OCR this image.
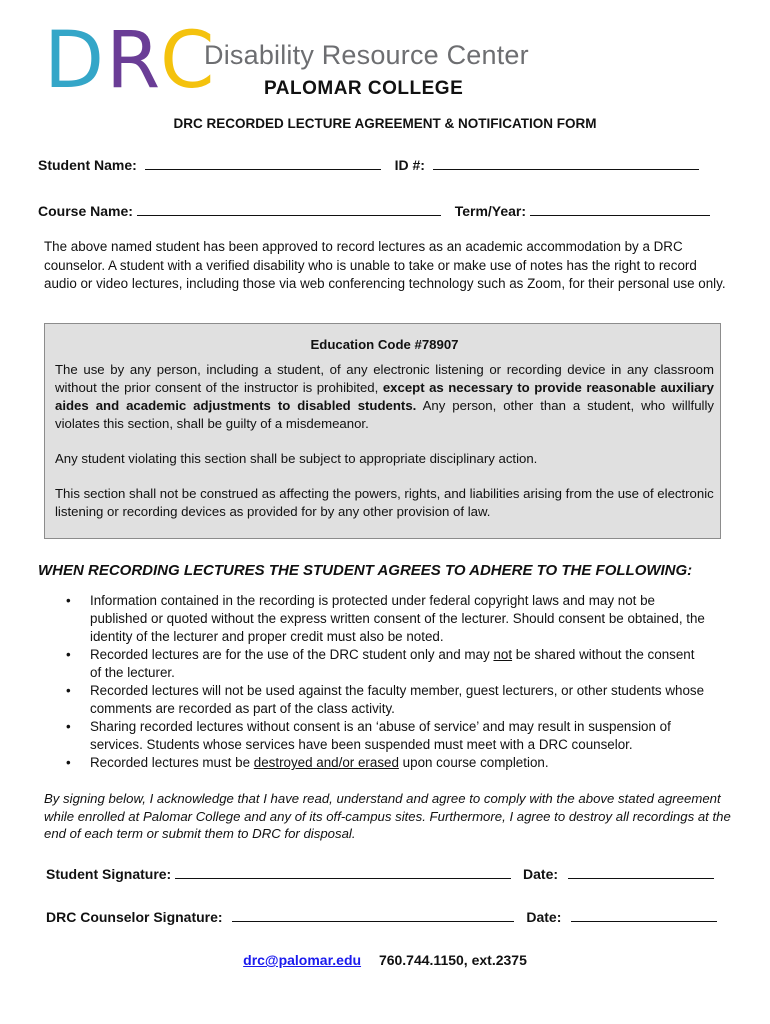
D R C
Disability Resource Center
PALOMAR COLLEGE
DRC RECORDED LECTURE AGREEMENT & NOTIFICATION FORM
Student Name:	ID #:
Course Name:	Term/Year:
The above named student has been approved to record lectures as an academic accommodation by a DRC counselor. A student with a verified disability who is unable to take or make use of notes has the right to record audio or video lectures, including those via web conferencing technology such as Zoom, for their personal use only.
Education Code #78907

The use by any person, including a student, of any electronic listening or recording device in any classroom without the prior consent of the instructor is prohibited, except as necessary to provide reasonable auxiliary aides and academic adjustments to disabled students. Any person, other than a student, who willfully violates this section, shall be guilty of a misdemeanor.

Any student violating this section shall be subject to appropriate disciplinary action.

This section shall not be construed as affecting the powers, rights, and liabilities arising from the use of electronic listening or recording devices as provided for by any other provision of law.

WHEN RECORDING LECTURES THE STUDENT AGREES TO ADHERE TO THE FOLLOWING:
• Information contained in the recording is protected under federal copyright laws and may not be published or quoted without the express written consent of the lecturer. Should consent be obtained, the identity of the lecturer and proper credit must also be noted.
• Recorded lectures are for the use of the DRC student only and may not be shared without the consent of the lecturer.
• Recorded lectures will not be used against the faculty member, guest lecturers, or other students whose comments are recorded as part of the class activity.
• Sharing recorded lectures without consent is an ‘abuse of service’ and may result in suspension of services. Students whose services have been suspended must meet with a DRC counselor.
• Recorded lectures must be destroyed and/or erased upon course completion.
By signing below, I acknowledge that I have read, understand and agree to comply with the above stated agreement while enrolled at Palomar College and any of its off-campus sites. Furthermore, I agree to destroy all recordings at the end of each term or submit them to DRC for disposal.
Student Signature:	Date:
DRC Counselor Signature:	Date:
drc@palomar.edu 760.744.1150, ext.2375
